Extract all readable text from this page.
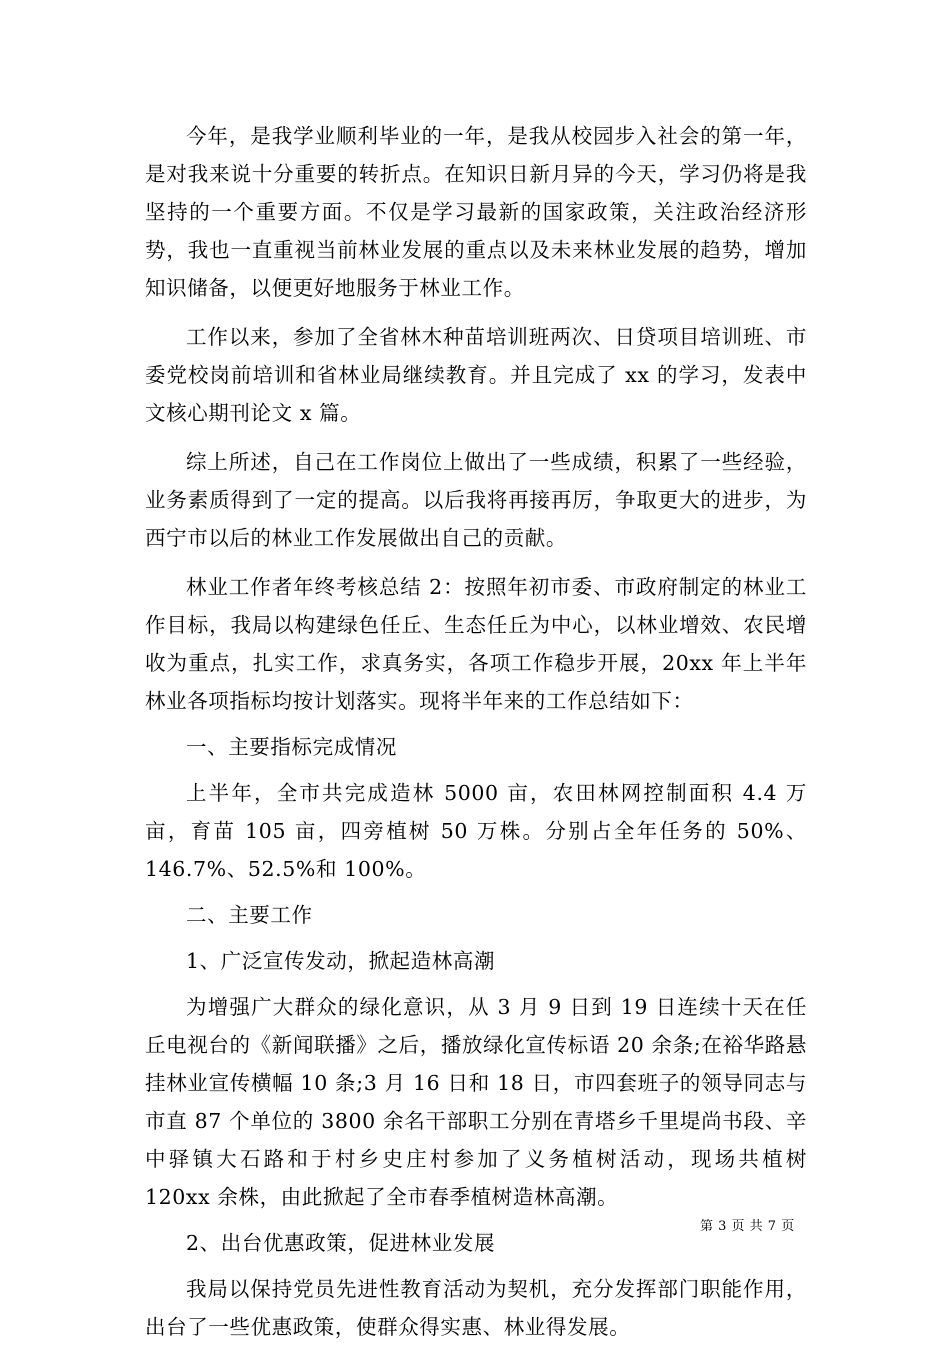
今年，是我学业顺利毕业的一年，是我从校园步入社会的第一年，是对我来说十分重要的转折点。在知识日新月异的今天，学习仍将是我坚持的一个重要方面。不仅是学习最新的国家政策，关注政治经济形势，我也一直重视当前林业发展的重点以及未来林业发展的趋势，增加知识储备，以便更好地服务于林业工作。

工作以来，参加了全省林木种苗培训班两次、日贷项目培训班、市委党校岗前培训和省林业局继续教育。并且完成了 xx 的学习，发表中文核心期刊论文 x 篇。

综上所述，自己在工作岗位上做出了一些成绩，积累了一些经验，业务素质得到了一定的提高。以后我将再接再厉，争取更大的进步，为西宁市以后的林业工作发展做出自己的贡献。

林业工作者年终考核总结 2：按照年初市委、市政府制定的林业工作目标，我局以构建绿色任丘、生态任丘为中心，以林业增效、农民增收为重点，扎实工作，求真务实，各项工作稳步开展，20xx 年上半年林业各项指标均按计划落实。现将半年来的工作总结如下：

一、主要指标完成情况

上半年，全市共完成造林 5000 亩，农田林网控制面积 4.4 万亩，育苗 105 亩，四旁植树 50 万株。分别占全年任务的 50%、146.7%、52.5%和 100%。

二、主要工作

1、广泛宣传发动，掀起造林高潮

为增强广大群众的绿化意识，从 3 月 9 日到 19 日连续十天在任丘电视台的《新闻联播》之后，播放绿化宣传标语 20 余条;在裕华路悬挂林业宣传横幅 10 条;3 月 16 日和 18 日，市四套班子的领导同志与市直 87 个单位的 3800 余名干部职工分别在青塔乡千里堤尚书段、辛中驿镇大石路和于村乡史庄村参加了义务植树活动，现场共植树 120xx 余株，由此掀起了全市春季植树造林高潮。

2、出台优惠政策，促进林业发展

我局以保持党员先进性教育活动为契机，充分发挥部门职能作用，出台了一些优惠政策，使群众得实惠、林业得发展。

第 3 页 共 7 页
